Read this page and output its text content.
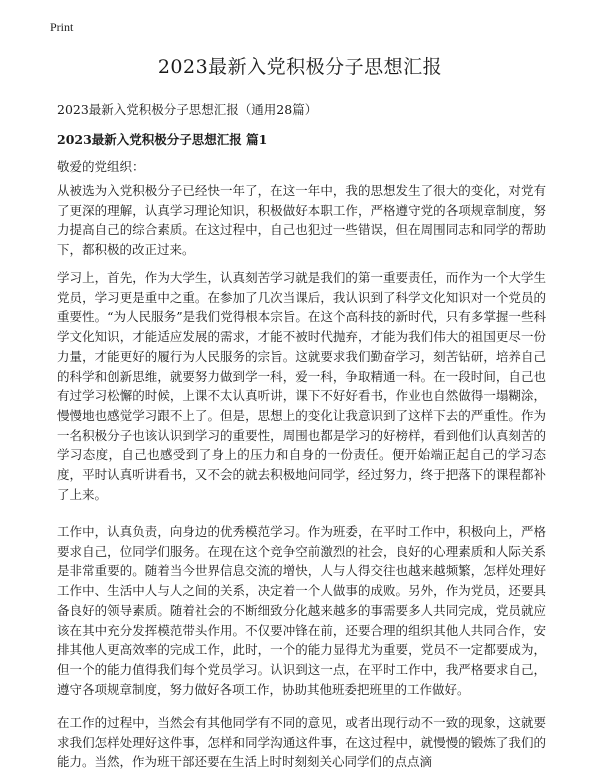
Print
2023最新入党积极分子思想汇报

2023最新入党积极分子思想汇报（通用28篇）

2023最新入党积极分子思想汇报 篇1

敬爱的党组织：

从被选为入党积极分子已经快一年了，在这一年中，我的思想发生了很大的变化，对党有了更深的理解，认真学习理论知识，积极做好本职工作，严格遵守党的各项规章制度，努力提高自己的综合素质。在这过程中，自己也犯过一些错误，但在周围同志和同学的帮助下，都积极的改正过来。

学习上，首先，作为大学生，认真刻苦学习就是我们的第一重要责任，而作为一个大学生党员，学习更是重中之重。在参加了几次当课后，我认识到了科学文化知识对一个党员的重要性。“为人民服务”是我们党得根本宗旨。在这个高科技的新时代，只有多掌握一些科学文化知识，才能适应发展的需求，才能不被时代抛弃，才能为我们伟大的祖国更尽一份力量，才能更好的履行为人民服务的宗旨。这就要求我们勤奋学习，刻苦钻研，培养自己的科学和创新思维，就要努力做到学一科，爱一科，争取精通一科。在一段时间，自己也有过学习松懈的时候，上课不太认真听讲，课下不好好看书，作业也自然做得一塌糊涂，慢慢地也感觉学习跟不上了。但是，思想上的变化让我意识到了这样下去的严重性。作为一名积极分子也该认识到学习的重要性，周围也都是学习的好榜样，看到他们认真刻苦的学习态度，自己也感受到了身上的压力和自身的一份责任。便开始端正起自己的学习态度，平时认真听讲看书，又不会的就去积极地问同学，经过努力，终于把落下的课程都补了上来。

工作中，认真负责，向身边的优秀模范学习。作为班委，在平时工作中，积极向上，严格要求自己，位同学们服务。在现在这个竞争空前激烈的社会，良好的心理素质和人际关系是非常重要的。随着当今世界信息交流的增快，人与人得交往也越来越频繁，怎样处理好工作中、生活中人与人之间的关系，决定着一个人做事的成败。另外，作为党员，还要具备良好的领导素质。随着社会的不断细致分化越来越多的事需要多人共同完成，党员就应该在其中充分发挥模范带头作用。不仅要冲锋在前，还要合理的组织其他人共同合作，安排其他人更高效率的完成工作，此时，一个的能力显得尤为重要，党员不一定都要成为，但一个的能力值得我们每个党员学习。认识到这一点，在平时工作中，我严格要求自己，遵守各项规章制度，努力做好各项工作，协助其他班委把班里的工作做好。

在工作的过程中，当然会有其他同学有不同的意见，或者出现行动不一致的现象，这就要求我们怎样处理好这件事，怎样和同学沟通这件事，在这过程中，就慢慢的锻炼了我们的能力。当然，作为班干部还要在生活上时时刻刻关心同学们的点点滴
